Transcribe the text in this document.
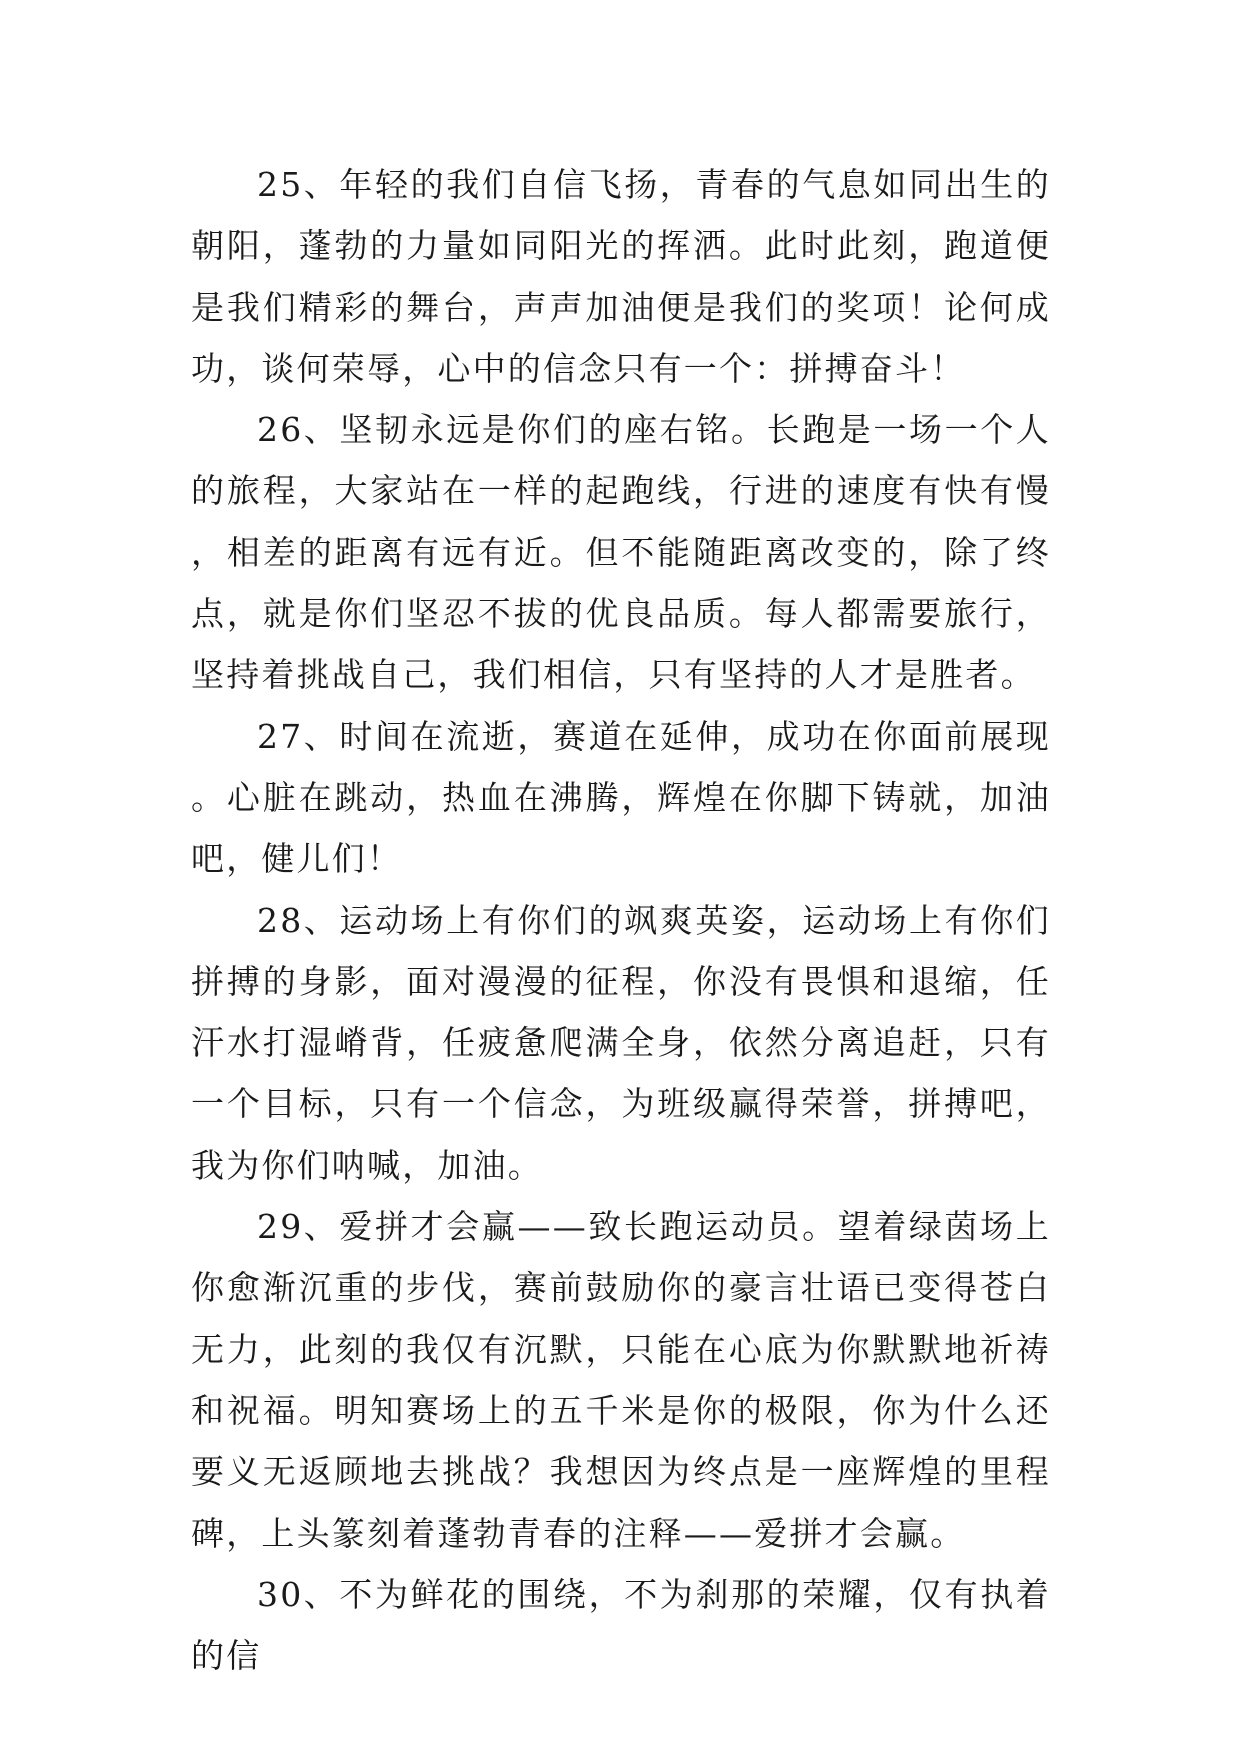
25、年轻的我们自信飞扬，青春的气息如同出生的朝阳，蓬勃的力量如同阳光的挥洒。此时此刻，跑道便是我们精彩的舞台，声声加油便是我们的奖项！论何成功，谈何荣辱，心中的信念只有一个：拼搏奋斗！

26、坚韧永远是你们的座右铭。长跑是一场一个人的旅程，大家站在一样的起跑线，行进的速度有快有慢，相差的距离有远有近。但不能随距离改变的，除了终点，就是你们坚忍不拔的优良品质。每人都需要旅行，坚持着挑战自己，我们相信，只有坚持的人才是胜者。

27、时间在流逝，赛道在延伸，成功在你面前展现。心脏在跳动，热血在沸腾，辉煌在你脚下铸就，加油吧，健儿们！

28、运动场上有你们的飒爽英姿，运动场上有你们拼搏的身影，面对漫漫的征程，你没有畏惧和退缩，任汗水打湿嵴背，任疲惫爬满全身，依然分离追赶，只有一个目标，只有一个信念，为班级赢得荣誉，拼搏吧，我为你们呐喊，加油。

29、爱拼才会赢——致长跑运动员。望着绿茵场上你愈渐沉重的步伐，赛前鼓励你的豪言壮语已变得苍白无力，此刻的我仅有沉默，只能在心底为你默默地祈祷和祝福。明知赛场上的五千米是你的极限，你为什么还要义无返顾地去挑战？我想因为终点是一座辉煌的里程碑，上头篆刻着蓬勃青春的注释——爱拼才会赢。

30、不为鲜花的围绕，不为刹那的荣耀，仅有执着的信
